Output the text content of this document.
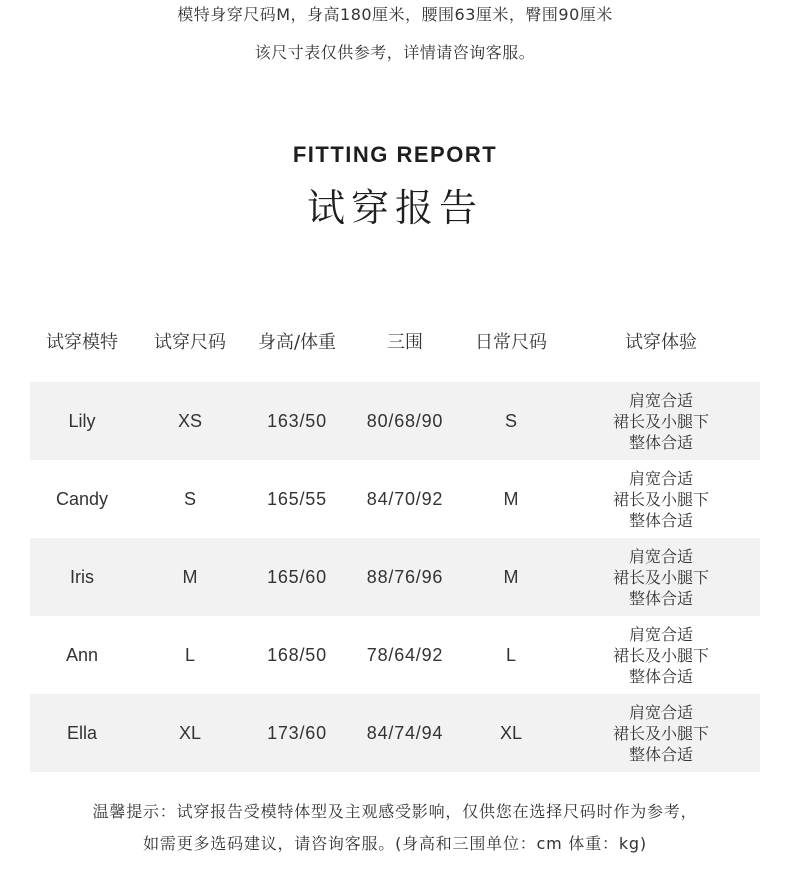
模特身穿尺码M，身高180厘米，腰围63厘米，臀围90厘米
该尺寸表仅供参考，详情请咨询客服。
FITTING REPORT
试穿报告
试穿模特	试穿尺码	身高/体重	三围	日常尺码	试穿体验
Lily	XS	163/50	80/68/90	S
肩宽合适
裙长及小腿下
整体合适
Candy	S	165/55	84/70/92	M
肩宽合适
裙长及小腿下
整体合适
Iris	M	165/60	88/76/96	M
肩宽合适
裙长及小腿下
整体合适
Ann	L	168/50	78/64/92	L
肩宽合适
裙长及小腿下
整体合适
Ella	XL	173/60	84/74/94	XL
肩宽合适
裙长及小腿下
整体合适
温馨提示：试穿报告受模特体型及主观感受影响，仅供您在选择尺码时作为参考，
如需更多选码建议，请咨询客服。(身高和三围单位：cm 体重：kg)
